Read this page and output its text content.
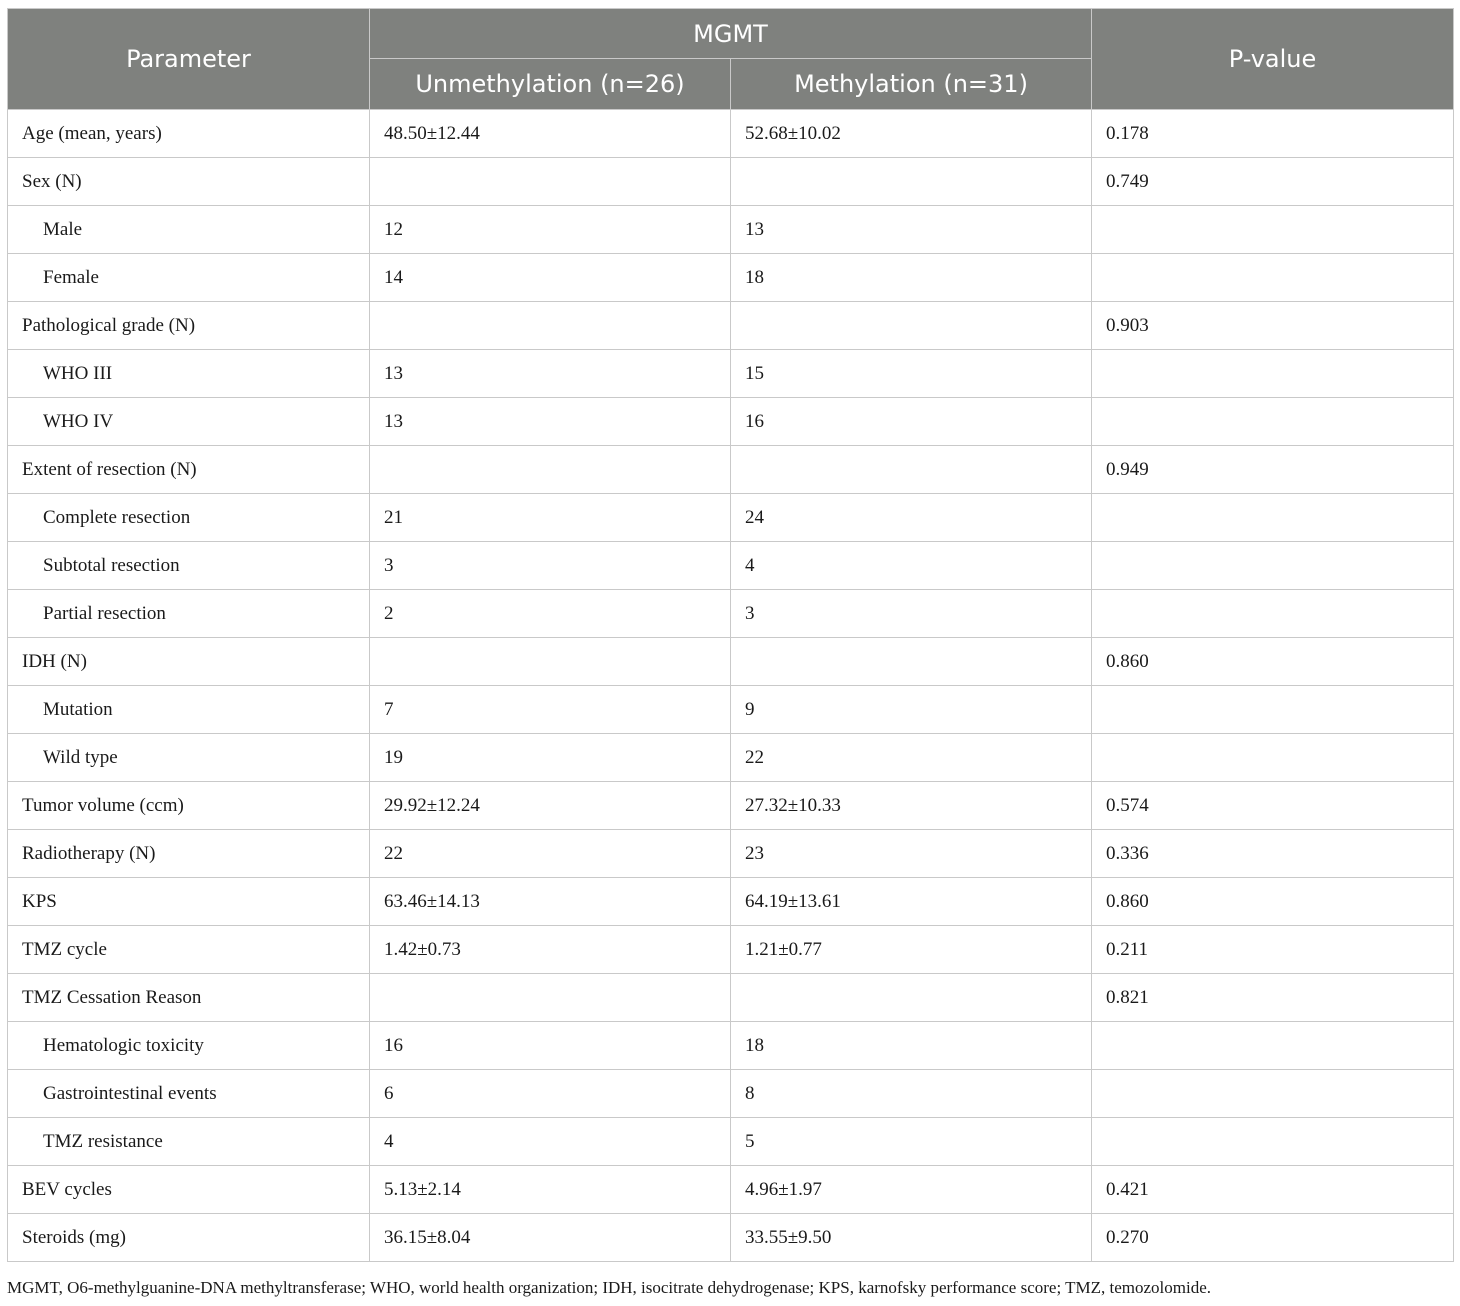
Parameter	MGMT		P-value
	Unmethylation (n=26)	Methylation (n=31)	
Age (mean, years)	48.50±12.44	52.68±10.02	0.178
Sex (N)			0.749
Male	12	13	
Female	14	18	
Pathological grade (N)			0.903
WHO III	13	15	
WHO IV	13	16	
Extent of resection (N)			0.949
Complete resection	21	24	
Subtotal resection	3	4	
Partial resection	2	3	
IDH (N)			0.860
Mutation	7	9	
Wild type	19	22	
Tumor volume (ccm)	29.92±12.24	27.32±10.33	0.574
Radiotherapy (N)	22	23	0.336
KPS	63.46±14.13	64.19±13.61	0.860
TMZ cycle	1.42±0.73	1.21±0.77	0.211
TMZ Cessation Reason			0.821
Hematologic toxicity	16	18	
Gastrointestinal events	6	8	
TMZ resistance	4	5	
BEV cycles	5.13±2.14	4.96±1.97	0.421
Steroids (mg)	36.15±8.04	33.55±9.50	0.270
MGMT, O6-methylguanine-DNA methyltransferase; WHO, world health organization; IDH, isocitrate dehydrogenase; KPS, karnofsky performance score; TMZ, temozolomide.
